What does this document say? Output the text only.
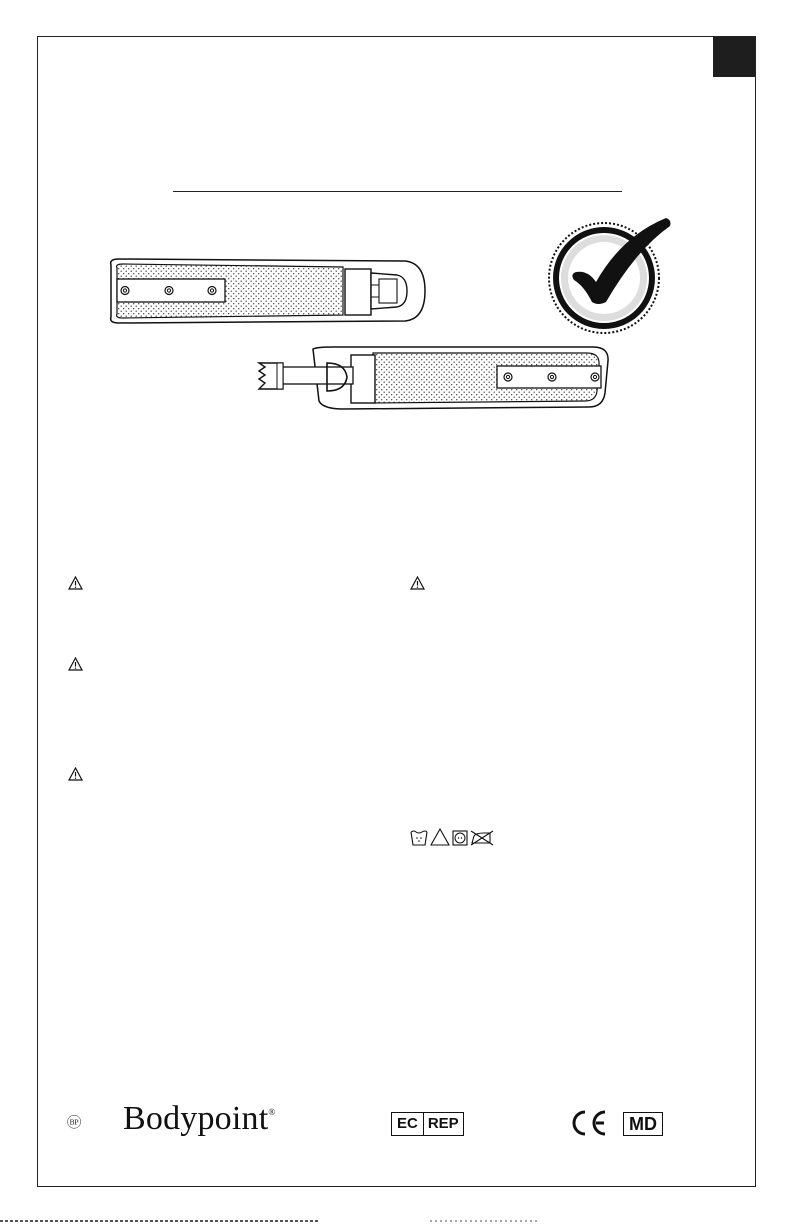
BP Bodypoint®
EC REP	MD
